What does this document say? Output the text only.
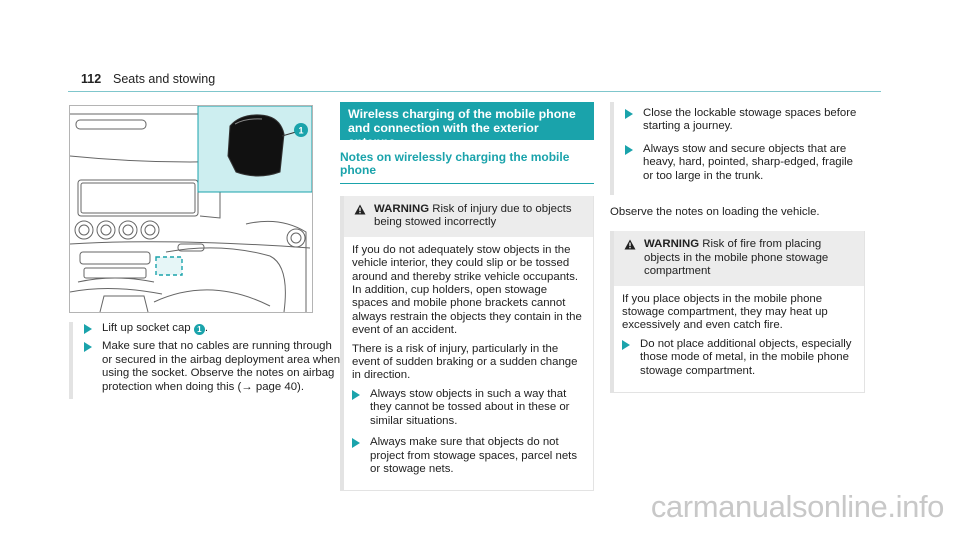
112 Seats and stowing
1
Lift up socket cap 1 .
Make sure that no cables are running through or secured in the airbag deployment area when using the socket. Observe the notes on airbag protection when doing this (→ page 40).
Wireless charging of the mobile phone and connection with the exterior antenna
Notes on wirelessly charging the mobile phone
WARNING Risk of injury due to objects being stowed incorrectly

If you do not adequately stow objects in the vehicle interior, they could slip or be tossed around and thereby strike vehicle occupants. In addition, cup holders, open stowage spaces and mobile phone brackets cannot always restrain the objects they contain in the event of an accident.

There is a risk of injury, particularly in the event of sudden braking or a sudden change in direction.

Always stow objects in such a way that they cannot be tossed about in these or similar situations.
Always make sure that objects do not project from stowage spaces, parcel nets or stowage nets.
Close the lockable stowage spaces before starting a journey.
Always stow and secure objects that are heavy, hard, pointed, sharp-edged, fragile or too large in the trunk.

Observe the notes on loading the vehicle.

WARNING Risk of fire from placing objects in the mobile phone stowage compartment

If you place objects in the mobile phone stowage compartment, they may heat up excessively and even catch fire.

Do not place additional objects, especially those mode of metal, in the mobile phone stowage compartment.
carmanualsonline.info
